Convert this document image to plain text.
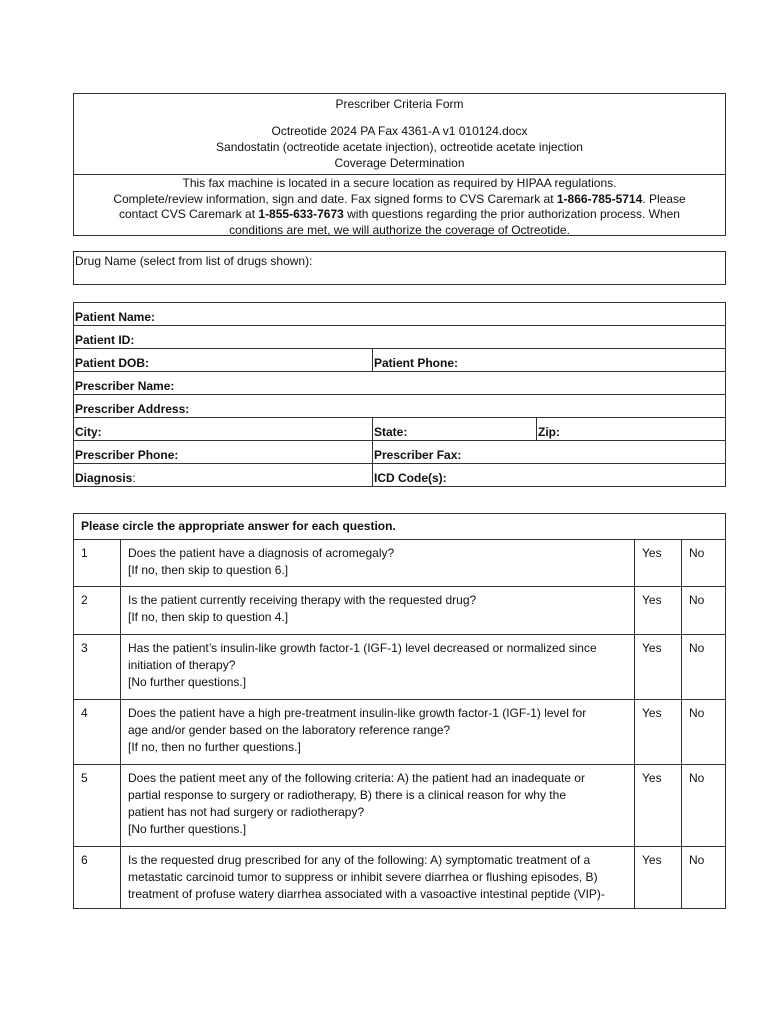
Prescriber Criteria Form
Octreotide 2024 PA Fax 4361-A v1 010124.docx
Sandostatin (octreotide acetate injection), octreotide acetate injection
Coverage Determination
This fax machine is located in a secure location as required by HIPAA regulations.
Complete/review information, sign and date. Fax signed forms to CVS Caremark at 1-866-785-5714. Please
contact CVS Caremark at 1-855-633-7673 with questions regarding the prior authorization process. When
conditions are met, we will authorize the coverage of Octreotide.
Drug Name (select from list of drugs shown):
Patient Name:		
Patient ID:		
Patient DOB:	Patient Phone:	
Prescriber Name:		
Prescriber Address:		
City:	State:	Zip:
Prescriber Phone:	Prescriber Fax:	
Diagnosis:	ICD Code(s):	
Please circle the appropriate answer for each question.			
1	Does the patient have a diagnosis of acromegaly?
[If no, then skip to question 6.]	Yes	No
2	Is the patient currently receiving therapy with the requested drug?
[If no, then skip to question 4.]	Yes	No
3	Has the patient’s insulin-like growth factor-1 (IGF-1) level decreased or normalized since
initiation of therapy?
[No further questions.]	Yes	No
4	Does the patient have a high pre-treatment insulin-like growth factor-1 (IGF-1) level for
age and/or gender based on the laboratory reference range?
[If no, then no further questions.]	Yes	No
5	Does the patient meet any of the following criteria: A) the patient had an inadequate or
partial response to surgery or radiotherapy, B) there is a clinical reason for why the
patient has not had surgery or radiotherapy?
[No further questions.]	Yes	No
6	Is the requested drug prescribed for any of the following: A) symptomatic treatment of a
metastatic carcinoid tumor to suppress or inhibit severe diarrhea or flushing episodes, B)
treatment of profuse watery diarrhea associated with a vasoactive intestinal peptide (VIP)-	Yes	No
